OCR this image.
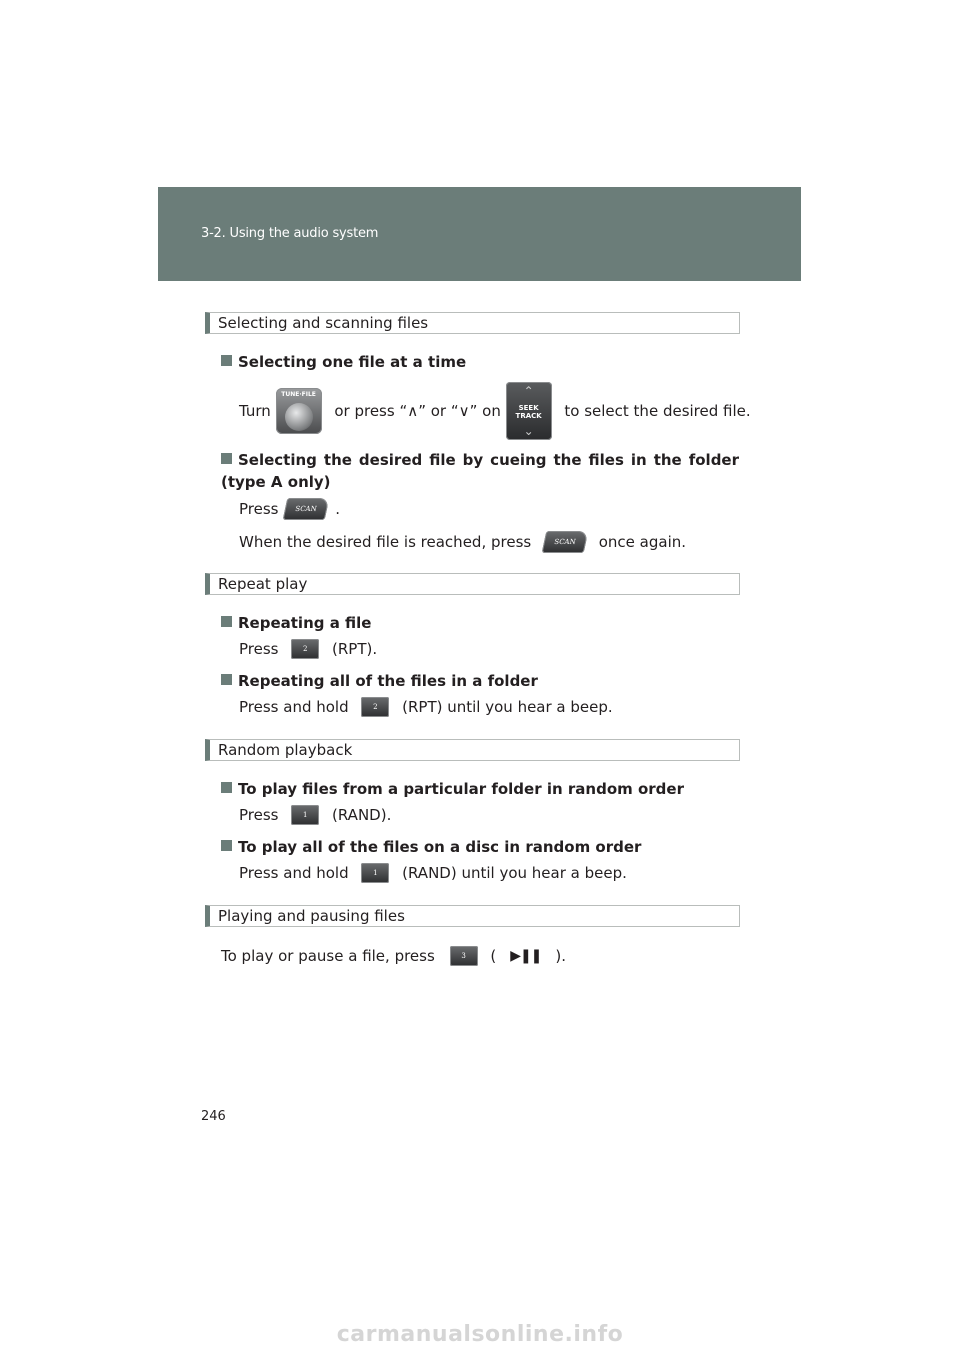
3-2. Using the audio system
Selecting and scanning files
Selecting one file at a time
Turn
TUNE·FILE
or press “ ∧ ” or “ ∨ ” on
⌃
SEEK
TRACK
⌄
to select the desired file.
Selecting the desired file by cueing the files in the folder (type A only)
Press	SCAN	.
When the desired file is reached, press	SCAN	once again.
Repeat play
Repeating a file
Press	2	(RPT).
Repeating all of the files in a folder
Press and hold	2	(RPT) until you hear a beep.
Random playback
To play files from a particular folder in random order
Press	1	(RAND).
To play all of the files on a disc in random order
Press and hold	1	(RAND) until you hear a beep.
Playing and pausing files
To play or pause a file, press	3	( ▶❚❚ ).
246
carmanualsonline.info
